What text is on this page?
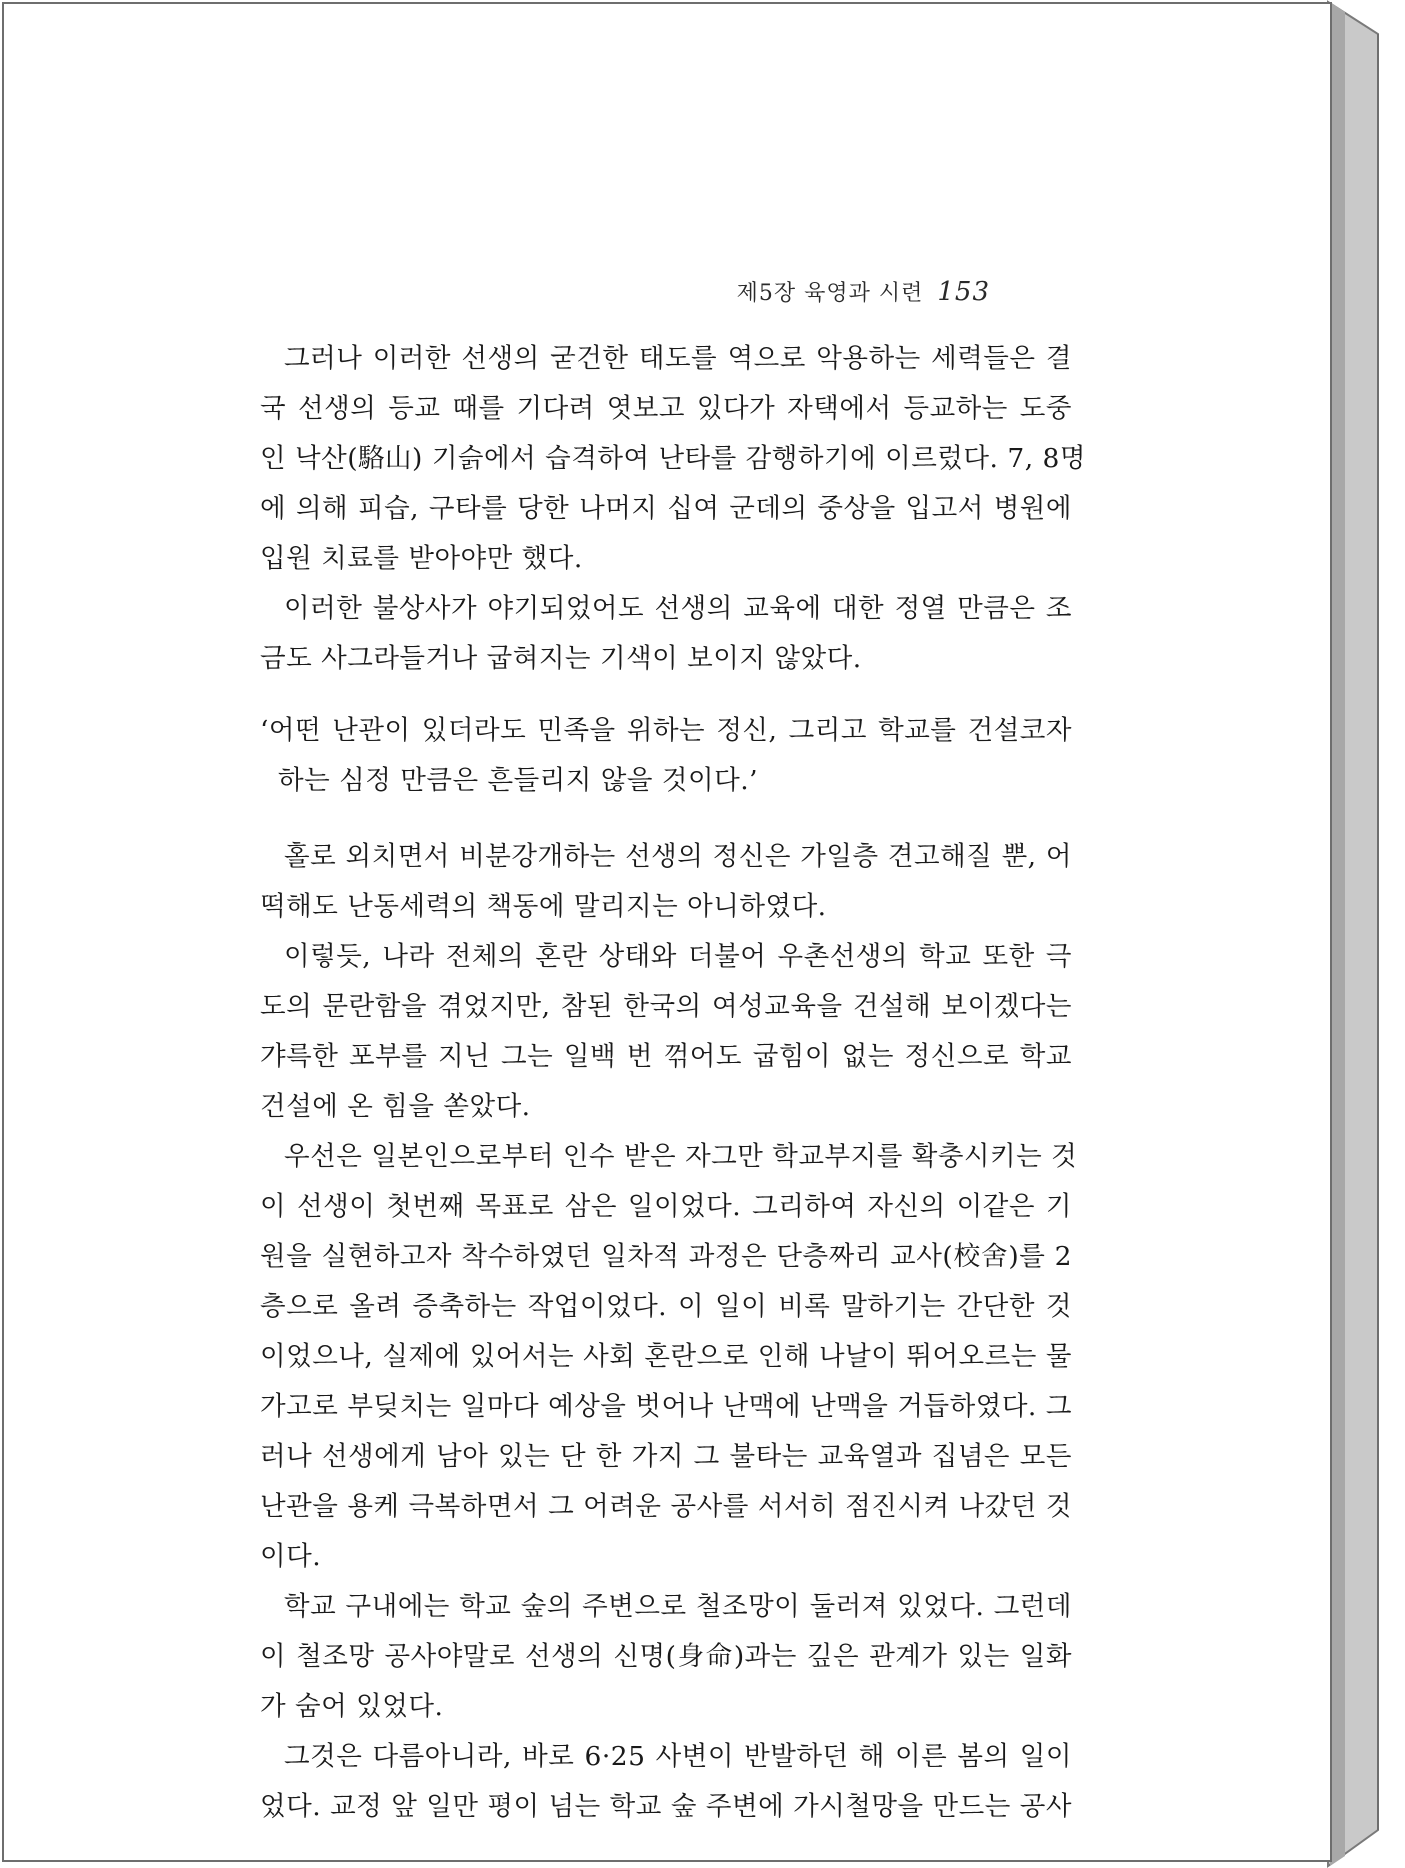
제5장 육영과 시련 153
그러나 이러한 선생의 굳건한 태도를 역으로 악용하는 세력들은 결
국 선생의 등교 때를 기다려 엿보고 있다가 자택에서 등교하는 도중
인 낙산(駱山) 기슭에서 습격하여 난타를 감행하기에 이르렀다. 7, 8명
에 의해 피습, 구타를 당한 나머지 십여 군데의 중상을 입고서 병원에
입원 치료를 받아야만 했다.
이러한 불상사가 야기되었어도 선생의 교육에 대한 정열 만큼은 조
금도 사그라들거나 굽혀지는 기색이 보이지 않았다.
‘어떤 난관이 있더라도 민족을 위하는 정신, 그리고 학교를 건설코자
하는 심정 만큼은 흔들리지 않을 것이다.’
홀로 외치면서 비분강개하는 선생의 정신은 가일층 견고해질 뿐, 어
떡해도 난동세력의 책동에 말리지는 아니하였다.
이렇듯, 나라 전체의 혼란 상태와 더불어 우촌선생의 학교 또한 극
도의 문란함을 겪었지만, 참된 한국의 여성교육을 건설해 보이겠다는
갸륵한 포부를 지닌 그는 일백 번 꺾어도 굽힘이 없는 정신으로 학교
건설에 온 힘을 쏟았다.
우선은 일본인으로부터 인수 받은 자그만 학교부지를 확충시키는 것
이 선생이 첫번째 목표로 삼은 일이었다. 그리하여 자신의 이같은 기
원을 실현하고자 착수하였던 일차적 과정은 단층짜리 교사(校舍)를 2
층으로 올려 증축하는 작업이었다. 이 일이 비록 말하기는 간단한 것
이었으나, 실제에 있어서는 사회 혼란으로 인해 나날이 뛰어오르는 물
가고로 부딪치는 일마다 예상을 벗어나 난맥에 난맥을 거듭하였다. 그
러나 선생에게 남아 있는 단 한 가지 그 불타는 교육열과 집념은 모든
난관을 용케 극복하면서 그 어려운 공사를 서서히 점진시켜 나갔던 것
이다.
학교 구내에는 학교 숲의 주변으로 철조망이 둘러져 있었다. 그런데
이 철조망 공사야말로 선생의 신명(身命)과는 깊은 관계가 있는 일화
가 숨어 있었다.
그것은 다름아니라, 바로 6·25 사변이 반발하던 해 이른 봄의 일이
었다. 교정 앞 일만 평이 넘는 학교 숲 주변에 가시철망을 만드는 공사
